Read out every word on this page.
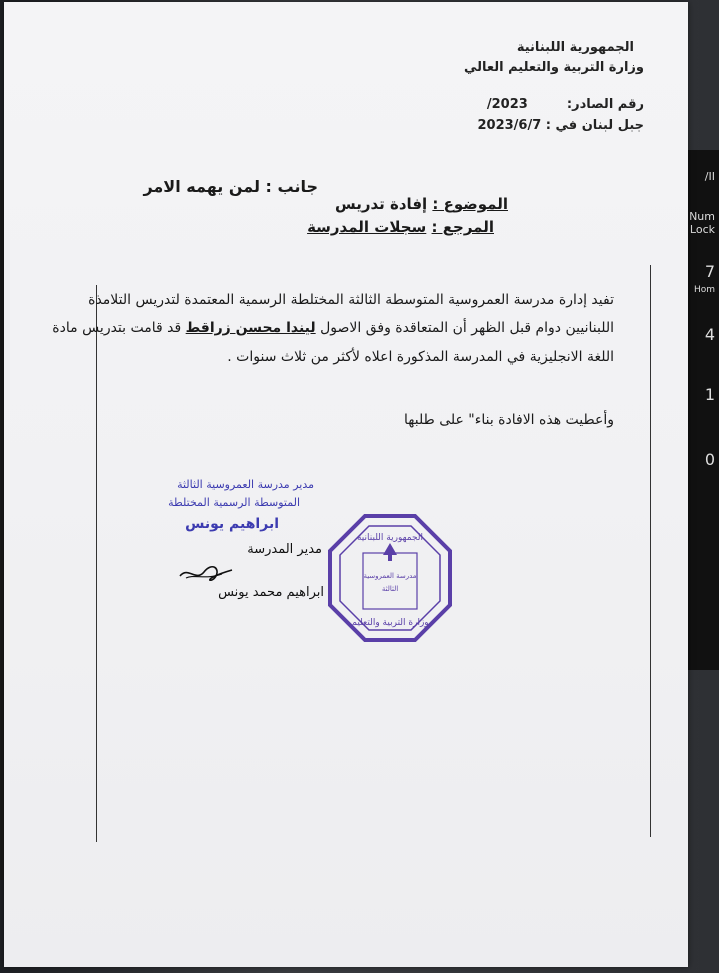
/II
Num
Lock
7
Hom
4
1
0
الجمهورية اللبنانية
وزارة التربية والتعليم العالي
رقم الصادر:  2023/
جبل لبنان في : 2023/6/7
جانب : لمن يهمه الامر
الموضوع : إفادة تدريس
المرجع : سجلات المدرسة
تفيد إدارة مدرسة العمروسية المتوسطة الثالثة المختلطة الرسمية المعتمدة لتدريس التلامذة
اللبنانيين دوام قبل الظهر أن المتعاقدة وفق الاصول ليندا محسن زراقط قد قامت بتدريس مادة
اللغة الانجليزية في المدرسة المذكورة اعلاه لأكثر من ثلاث سنوات .
وأعطيت هذه الافادة بناء" على طلبها
مدير مدرسة العمروسية الثالثة
المتوسطة الرسمية المختلطة
ابراهيم يونس
مدير المدرسة
ابراهيم محمد يونس
الجمهورية اللبنانية
وزارة التربية والتعليم
مدرسة العمروسية
الثالثة
